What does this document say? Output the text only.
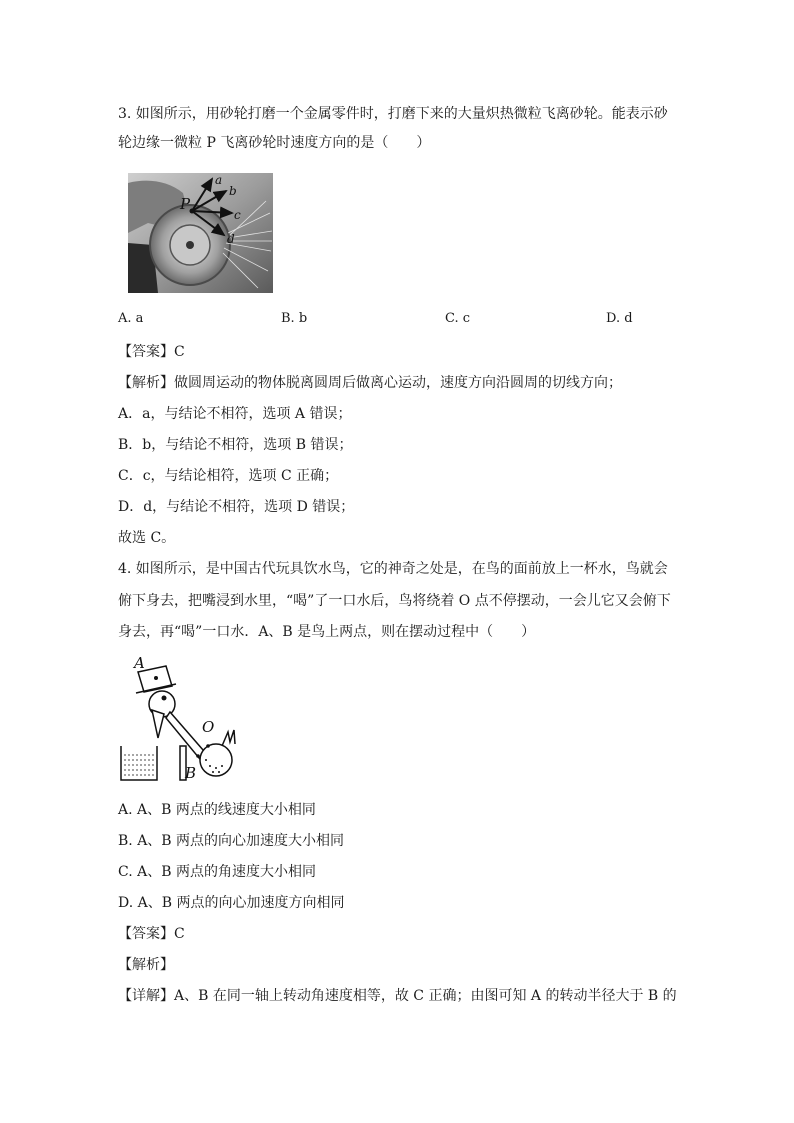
3. 如图所示，用砂轮打磨一个金属零件时，打磨下来的大量炽热微粒飞离砂轮。能表示砂
轮边缘一微粒 P 飞离砂轮时速度方向的是（　　）
P
a
b
c
d
A. a	B. b	C. c	D. d
【答案】C
【解析】做圆周运动的物体脱离圆周后做离心运动，速度方向沿圆周的切线方向；
A．a，与结论不相符，选项 A 错误；
B．b，与结论不相符，选项 B 错误；
C．c，与结论相符，选项 C 正确；
D．d，与结论不相符，选项 D 错误；
故选 C。
4. 如图所示，是中国古代玩具饮水鸟，它的神奇之处是，在鸟的面前放上一杯水，鸟就会
俯下身去，把嘴浸到水里，“喝”了一口水后，鸟将绕着 O 点不停摆动，一会儿它又会俯下
身去，再“喝”一口水．A、B 是鸟上两点，则在摆动过程中（　　）
A
O
B
A. A、B 两点的线速度大小相同
B. A、B 两点的向心加速度大小相同
C. A、B 两点的角速度大小相同
D. A、B 两点的向心加速度方向相同
【答案】C
【解析】
【详解】A、B 在同一轴上转动角速度相等，故 C 正确；由图可知 A 的转动半径大于 B 的
